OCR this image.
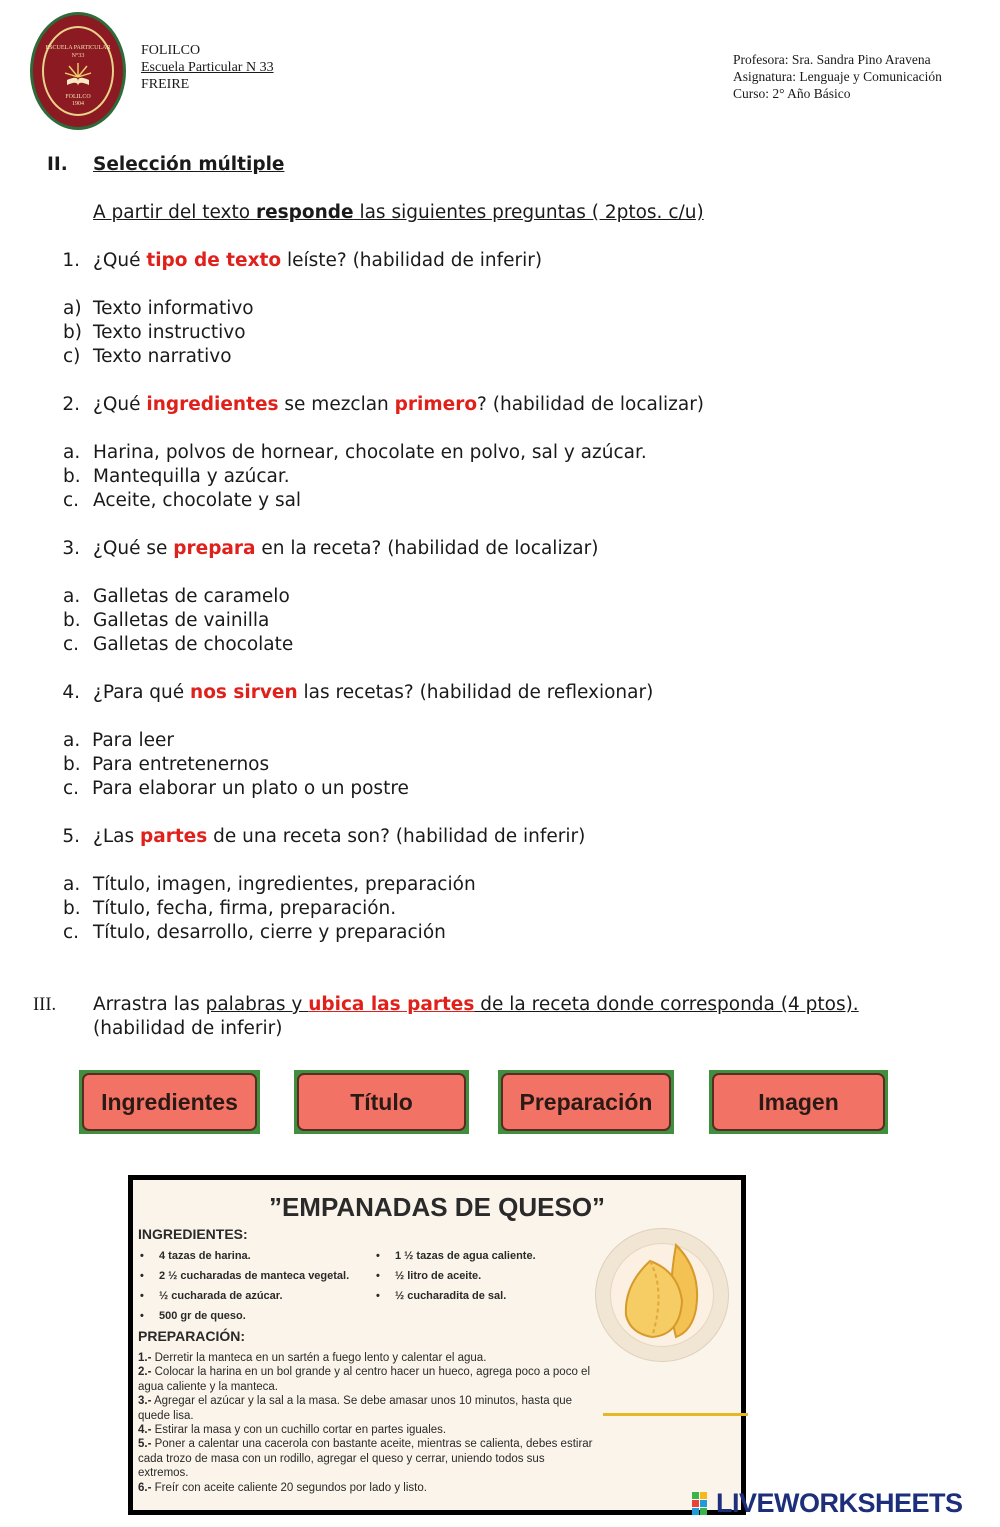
ESCUELA PARTICULAR
N°33
FOLILCO
1904
FOLILCO
Escuela Particular N 33
FREIRE
Profesora: Sra. Sandra Pino Aravena
Asignatura: Lenguaje y Comunicación
Curso: 2° Año Básico
II. Selección múltiple
A partir del texto responde las siguientes preguntas ( 2ptos. c/u)
1. ¿Qué tipo de texto leíste? (habilidad de inferir)
a) Texto informativo
b) Texto instructivo
c) Texto narrativo
2. ¿Qué ingredientes se mezclan primero? (habilidad de localizar)
a. Harina, polvos de hornear, chocolate en polvo, sal y azúcar.
b. Mantequilla y azúcar.
c. Aceite, chocolate y sal
3. ¿Qué se prepara en la receta? (habilidad de localizar)
a. Galletas de caramelo
b. Galletas de vainilla
c. Galletas de chocolate
4. ¿Para qué nos sirven las recetas? (habilidad de reflexionar)
a. Para leer
b. Para entretenernos
c. Para elaborar un plato o un postre
5. ¿Las partes de una receta son? (habilidad de inferir)
a. Título, imagen, ingredientes, preparación
b. Título, fecha, firma, preparación.
c. Título, desarrollo, cierre y preparación
III. Arrastra las palabras y ubica las partes de la receta donde corresponda (4 ptos).
(habilidad de inferir)
Ingredientes	Título	Preparación	Imagen
”EMPANADAS DE QUESO”
INGREDIENTES:
• 4 tazas de harina.
• 2 ½ cucharadas de manteca vegetal.
• ½ cucharada de azúcar.
• 500 gr de queso.
• 1 ½ tazas de agua caliente.
• ½ litro de aceite.
• ½ cucharadita de sal.
PREPARACIÓN:
1.- Derretir la manteca en un sartén a fuego lento y calentar el agua.
2.- Colocar la harina en un bol grande y al centro hacer un hueco, agrega poco a poco el agua caliente y la manteca.
3.- Agregar el azúcar y la sal a la masa. Se debe amasar unos 10 minutos, hasta que quede lisa.
4.- Estirar la masa y con un cuchillo cortar en partes iguales.
5.- Poner a calentar una cacerola con bastante aceite, mientras se calienta, debes estirar cada trozo de masa con un rodillo, agregar el queso y cerrar, uniendo todos sus extremos.
6.- Freír con aceite caliente 20 segundos por lado y listo.
LIVEWORKSHEETS
